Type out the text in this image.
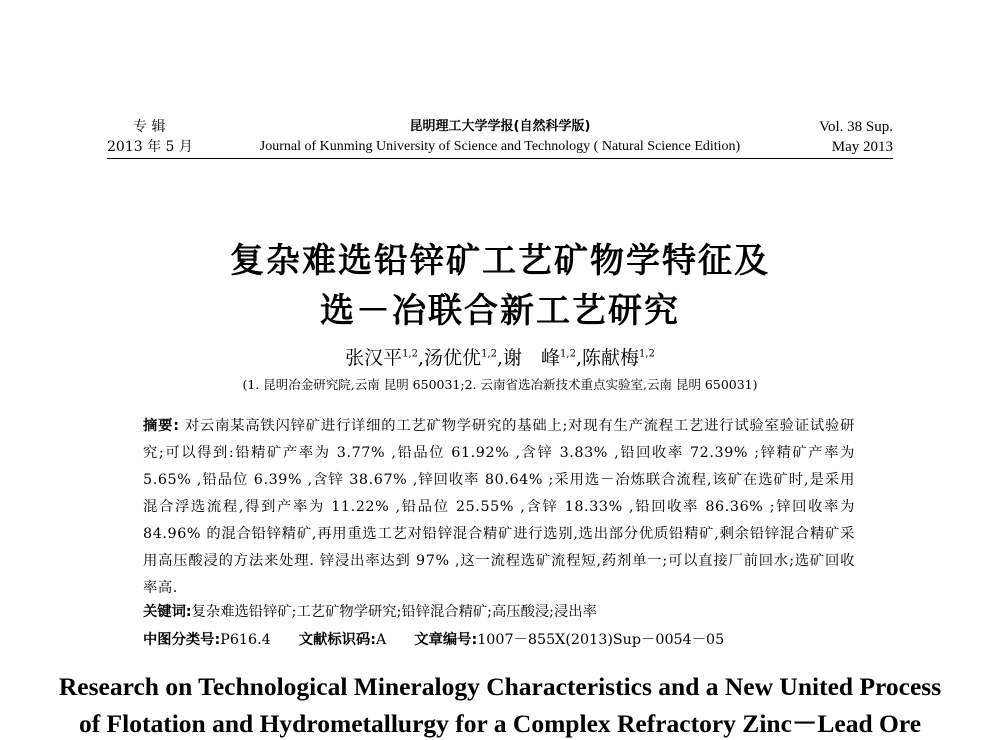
专 辑
2013 年 5 月
昆明理工大学学报(自然科学版)
Journal of Kunming University of Science and Technology ( Natural Science Edition)
Vol. 38 Sup.
May 2013
复杂难选铅锌矿工艺矿物学特征及
选－冶联合新工艺研究
张汉平$^{1,2}$,汤优优$^{1,2}$,谢　峰$^{1,2}$,陈献梅$^{1,2}$
(1. 昆明冶金研究院,云南 昆明 650031;2. 云南省选冶新技术重点实验室,云南 昆明 650031)
摘要: 对云南某高铁闪锌矿进行详细的工艺矿物学研究的基础上;对现有生产流程工艺进行试验室验证试验研究;可以得到:铅精矿产率为 3.77% ,铅品位 61.92% ,含锌 3.83% ,铅回收率 72.39% ;锌精矿产率为 5.65% ,铅品位 6.39% ,含锌 38.67% ,锌回收率 80.64% ;采用选－冶炼联合流程,该矿在选矿时,是采用混合浮选流程,得到产率为 11.22% ,铅品位 25.55% ,含锌 18.33% ,铅回收率 86.36% ;锌回收率为 84.96% 的混合铅锌精矿,再用重选工艺对铅锌混合精矿进行选别,选出部分优质铅精矿,剩余铅锌混合精矿采用高压酸浸的方法来处理. 锌浸出率达到 97% ,这一流程选矿流程短,药剂单一;可以直接厂前回水;选矿回收率高.
关键词:复杂难选铅锌矿;工艺矿物学研究;铅锌混合精矿;高压酸浸;浸出率
中图分类号:P616.4 文献标识码:A 文章编号:1007－855X(2013)Sup－0054－05
Research on Technological Mineralogy Characteristics and a New United Process
of Flotation and Hydrometallurgy for a Complex Refractory Zinc－Lead Ore
